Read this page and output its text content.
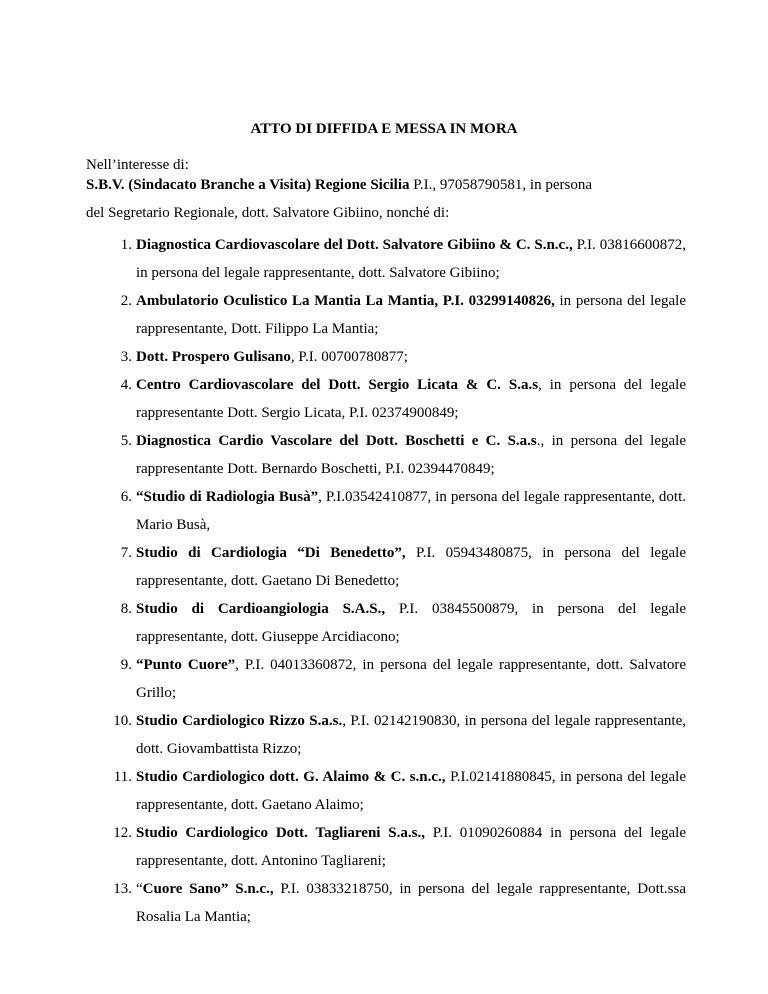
ATTO DI DIFFIDA E MESSA IN MORA
Nell’interesse di:
S.B.V. (Sindacato Branche a Visita) Regione Sicilia P.I., 97058790581, in persona
del Segretario Regionale, dott. Salvatore Gibiino, nonché di:
1. Diagnostica Cardiovascolare del Dott. Salvatore Gibiino & C. S.n.c., P.I. 03816600872, in persona del legale rappresentante, dott. Salvatore Gibiino;
2. Ambulatorio Oculistico La Mantia La Mantia, P.I. 03299140826, in persona del legale rappresentante, Dott. Filippo La Mantia;
3. Dott. Prospero Gulisano, P.I. 00700780877;
4. Centro Cardiovascolare del Dott. Sergio Licata & C. S.a.s, in persona del legale rappresentante Dott. Sergio Licata, P.I. 02374900849;
5. Diagnostica Cardio Vascolare del Dott. Boschetti e C. S.a.s., in persona del legale rappresentante Dott. Bernardo Boschetti, P.I. 02394470849;
6. “Studio di Radiologia Busà”, P.I.03542410877, in persona del legale rappresentante, dott. Mario Busà,
7. Studio di Cardiologia “Di Benedetto”, P.I. 05943480875, in persona del legale rappresentante, dott. Gaetano Di Benedetto;
8. Studio di Cardioangiologia S.A.S., P.I. 03845500879, in persona del legale rappresentante, dott. Giuseppe Arcidiacono;
9. “Punto Cuore”, P.I. 04013360872, in persona del legale rappresentante, dott. Salvatore Grillo;
10. Studio Cardiologico Rizzo S.a.s., P.I. 02142190830, in persona del legale rappresentante, dott. Giovambattista Rizzo;
11. Studio Cardiologico dott. G. Alaimo & C. s.n.c., P.I.02141880845, in persona del legale rappresentante, dott. Gaetano Alaimo;
12. Studio Cardiologico Dott. Tagliareni S.a.s., P.I. 01090260884 in persona del legale rappresentante, dott. Antonino Tagliareni;
13. “Cuore Sano” S.n.c., P.I. 03833218750, in persona del legale rappresentante, Dott.ssa Rosalia La Mantia;
